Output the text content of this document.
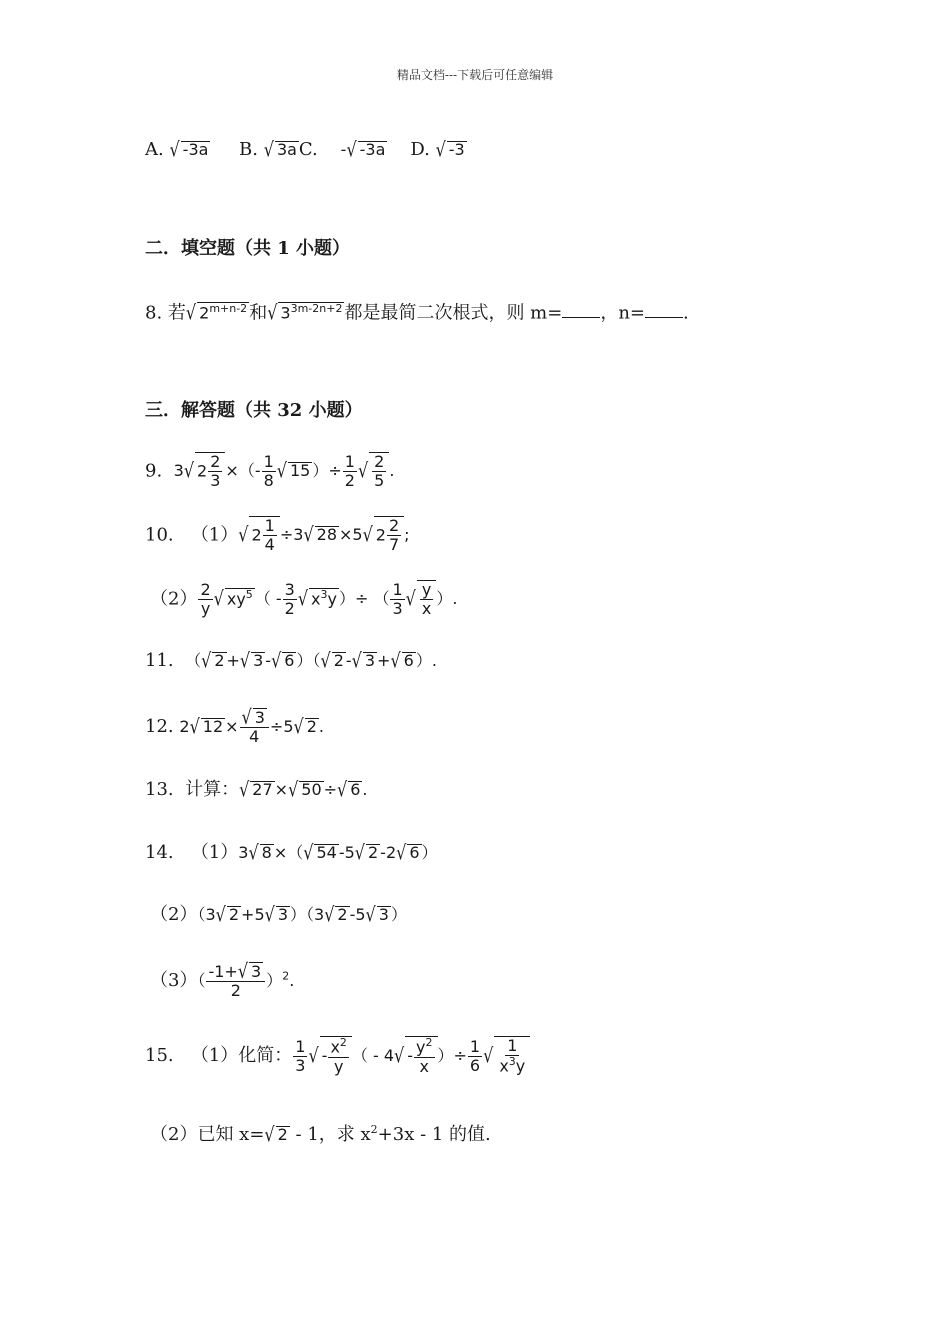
精品文档---下载后可任意编辑
A. √ -3a B. √ 3a C. -√ -3a D. √ -3
二．填空题（共 1 小题）
8. 若√ $2^{m+n-2}$ 和√ $3^{3m-2n+2}$ 都是最简二次根式，则 m= ，n= .
三．解答题（共 32 小题）
9. 3√ $2 \frac{2}{3}$ ×（- $\frac{1}{8}$ √ 15 ）÷ $\frac{1}{2}$ √ $\frac{2}{5}$ .
10. （1）√ $2 \frac{1}{4} \div 3√$ 28 ×5√ $2 \frac{2}{7}$ ;
$(2) \frac{2}{y}$ √ $xy^5$ （ - $\frac{3}{2}$ √ $x^3y$ ）÷ （ $\frac{1}{3}$ √ $\frac{y}{x}$ ）.
11. （√ 2 +√ 3 -√ 6 ）（√ 2 -√ 3 +√ 6 ）.
12. 2√ $12 \times \frac{√ 3}{4} \div 5√$ 2 .
13. 计算：√ 27 ×√ 50 ÷√ 6 .
14. （1）3√ 8 ×（√ 54 -5√ 2 -2√ 6 ）
（2）（3√ 2 +5√ 3 ）（3√ 2 -5√ 3 ）
$(3)( \frac{-1+√ 3}{2} )^2$.
15. （1）化简： $\frac{1}{3}$ √ - $\frac{x^2}{y}$ （ - $4√ - \frac{y^2}{x}$ ）÷ $\frac{1}{6}$ √ $\frac{1}{x^3y}$
（2）已知 x=√ 2 - 1，求 $x^2+3x - 1$ 的值.
